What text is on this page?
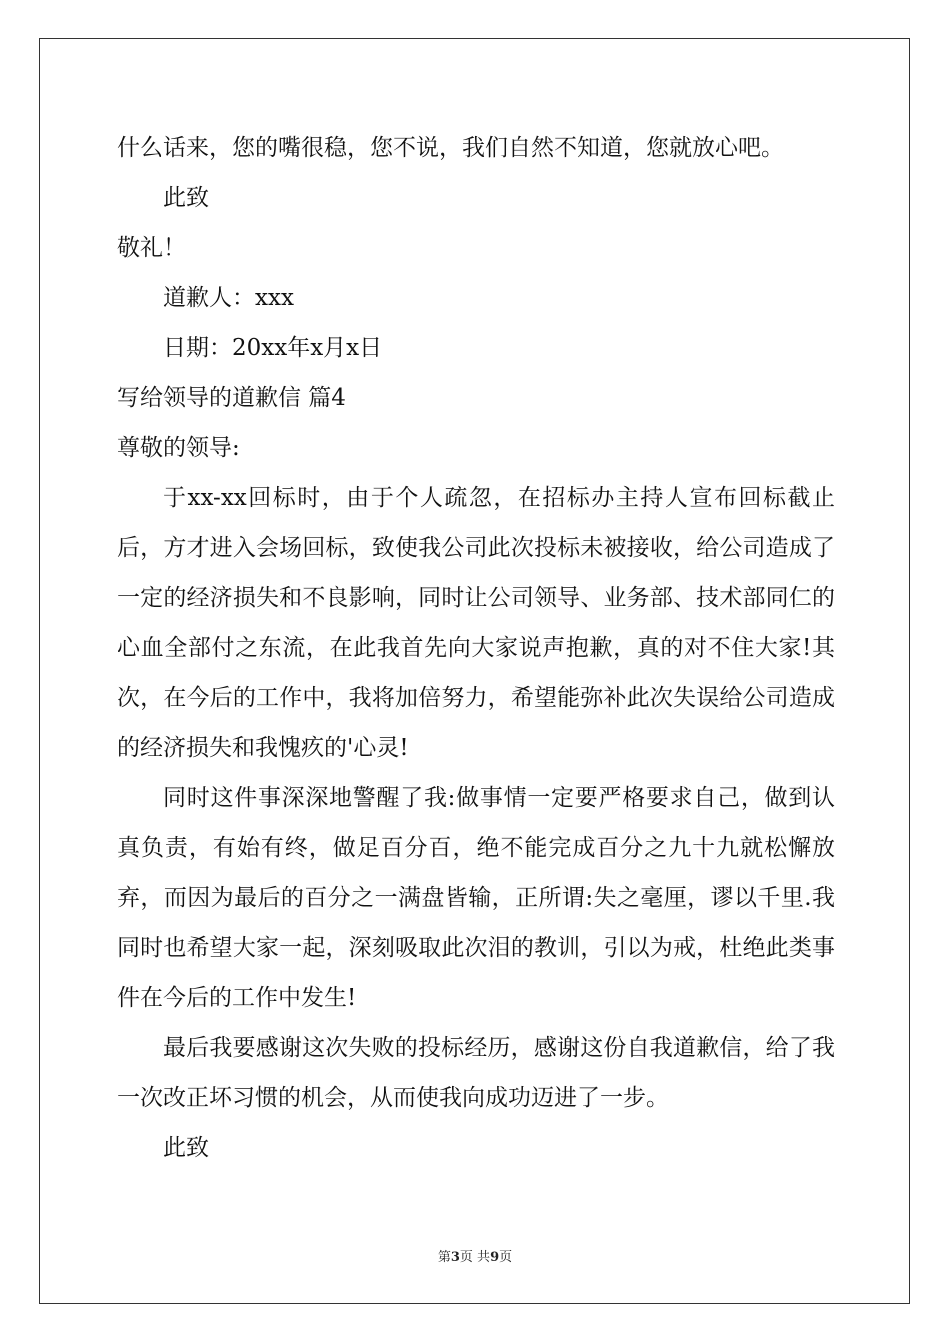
什么话来，您的嘴很稳，您不说，我们自然不知道，您就放心吧。
此致
敬礼！
道歉人：xxx
日期：20xx年x月x日
写给领导的道歉信 篇4
尊敬的领导:

于xx-xx回标时，由于个人疏忽，在招标办主持人宣布回标截止后，方才进入会场回标，致使我公司此次投标未被接收，给公司造成了一定的经济损失和不良影响，同时让公司领导、业务部、技术部同仁的心血全部付之东流，在此我首先向大家说声抱歉，真的对不住大家!其次，在今后的工作中，我将加倍努力，希望能弥补此次失误给公司造成的经济损失和我愧疚的'心灵!

同时这件事深深地警醒了我:做事情一定要严格要求自己，做到认真负责，有始有终，做足百分百，绝不能完成百分之九十九就松懈放弃，而因为最后的百分之一满盘皆输，正所谓:失之毫厘，谬以千里.我同时也希望大家一起，深刻吸取此次泪的教训，引以为戒，杜绝此类事件在今后的工作中发生!

最后我要感谢这次失败的投标经历，感谢这份自我道歉信，给了我一次改正坏习惯的机会，从而使我向成功迈进了一步。

此致
第3页 共9页
